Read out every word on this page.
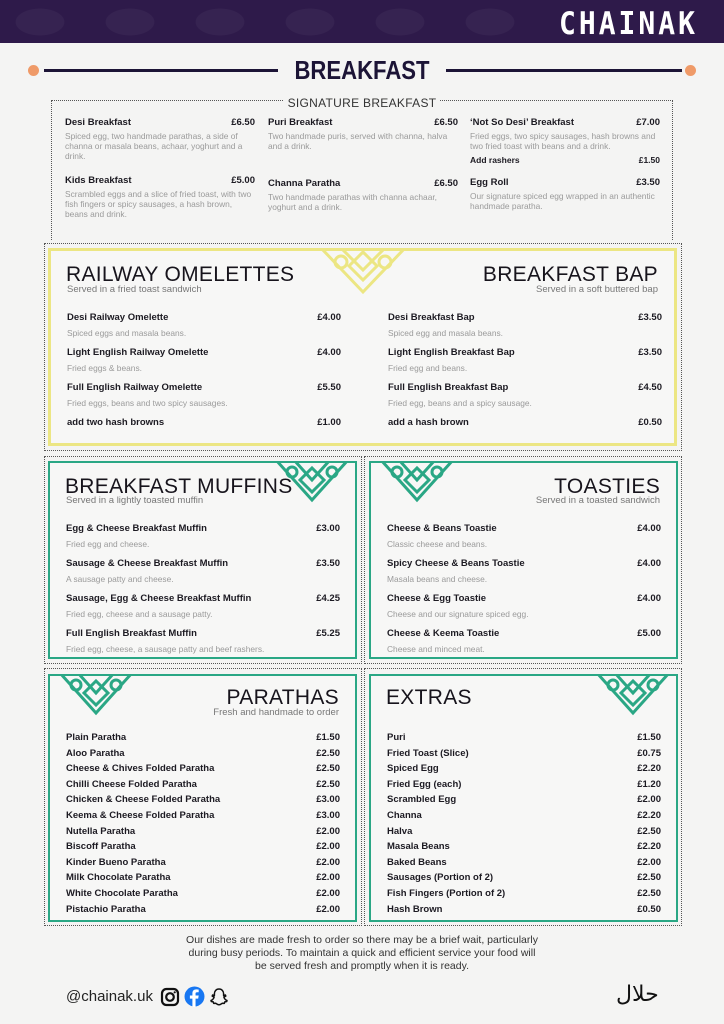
CHAINAK
BREAKFAST
SIGNATURE BREAKFAST
Desi Breakfast	£6.50
Spiced egg, two handmade parathas, a side of channa or masala beans, achaar, yoghurt and a drink.
Kids Breakfast	£5.00
Scrambled eggs and a slice of fried toast, with two fish fingers or spicy sausages, a hash brown, beans and drink.
Puri Breakfast	£6.50
Two handmade puris, served with channa, halva and a drink.
Channa Paratha	£6.50
Two handmade parathas with channa achaar, yoghurt and a drink.
‘Not So Desi’ Breakfast	£7.00
Fried eggs, two spicy sausages, hash browns and two fried toast with beans and a drink.
Add rashers	£1.50
Egg Roll	£3.50
Our signature spiced egg wrapped in an authentic handmade paratha.
RAILWAY OMELETTES
Served in a fried toast sandwich
BREAKFAST BAP
Served in a soft buttered bap
Desi Railway Omelette	£4.00
Spiced eggs and masala beans.
Light English Railway Omelette	£4.00
Fried eggs & beans.
Full English Railway Omelette	£5.50
Fried eggs, beans and two spicy sausages.
add two hash browns	£1.00
Desi Breakfast Bap	£3.50
Spiced egg and masala beans.
Light English Breakfast Bap	£3.50
Fried egg and beans.
Full English Breakfast Bap	£4.50
Fried egg, beans and a spicy sausage.
add a hash brown	£0.50
BREAKFAST MUFFINS
Served in a lightly toasted muffin
Egg & Cheese Breakfast Muffin	£3.00
Fried egg and cheese.
Sausage & Cheese Breakfast Muffin	£3.50
A sausage patty and cheese.
Sausage, Egg & Cheese Breakfast Muffin	£4.25
Fried egg, cheese and a sausage patty.
Full English Breakfast Muffin	£5.25
Fried egg, cheese, a sausage patty and beef rashers.
TOASTIES
Served in a toasted sandwich
Cheese & Beans Toastie	£4.00
Classic cheese and beans.
Spicy Cheese & Beans Toastie	£4.00
Masala beans and cheese.
Cheese & Egg Toastie	£4.00
Cheese and our signature spiced egg.
Cheese & Keema Toastie	£5.00
Cheese and minced meat.
PARATHAS
Fresh and handmade to order
Plain Paratha	£1.50
Aloo Paratha	£2.50
Cheese & Chives Folded Paratha	£2.50
Chilli Cheese Folded Paratha	£2.50
Chicken & Cheese Folded Paratha	£3.00
Keema & Cheese Folded Paratha	£3.00
Nutella Paratha	£2.00
Biscoff Paratha	£2.00
Kinder Bueno Paratha	£2.00
Milk Chocolate Paratha	£2.00
White Chocolate Paratha	£2.00
Pistachio Paratha	£2.00
EXTRAS
Puri	£1.50
Fried Toast (Slice)	£0.75
Spiced Egg	£2.20
Fried Egg (each)	£1.20
Scrambled Egg	£2.00
Channa	£2.20
Halva	£2.50
Masala Beans	£2.20
Baked Beans	£2.00
Sausages (Portion of 2)	£2.50
Fish Fingers (Portion of 2)	£2.50
Hash Brown	£0.50
Our dishes are made fresh to order so there may be a brief wait, particularly
during busy periods. To maintain a quick and efficient service your food will
be served fresh and promptly when it is ready.
@chainak.uk	حلال
